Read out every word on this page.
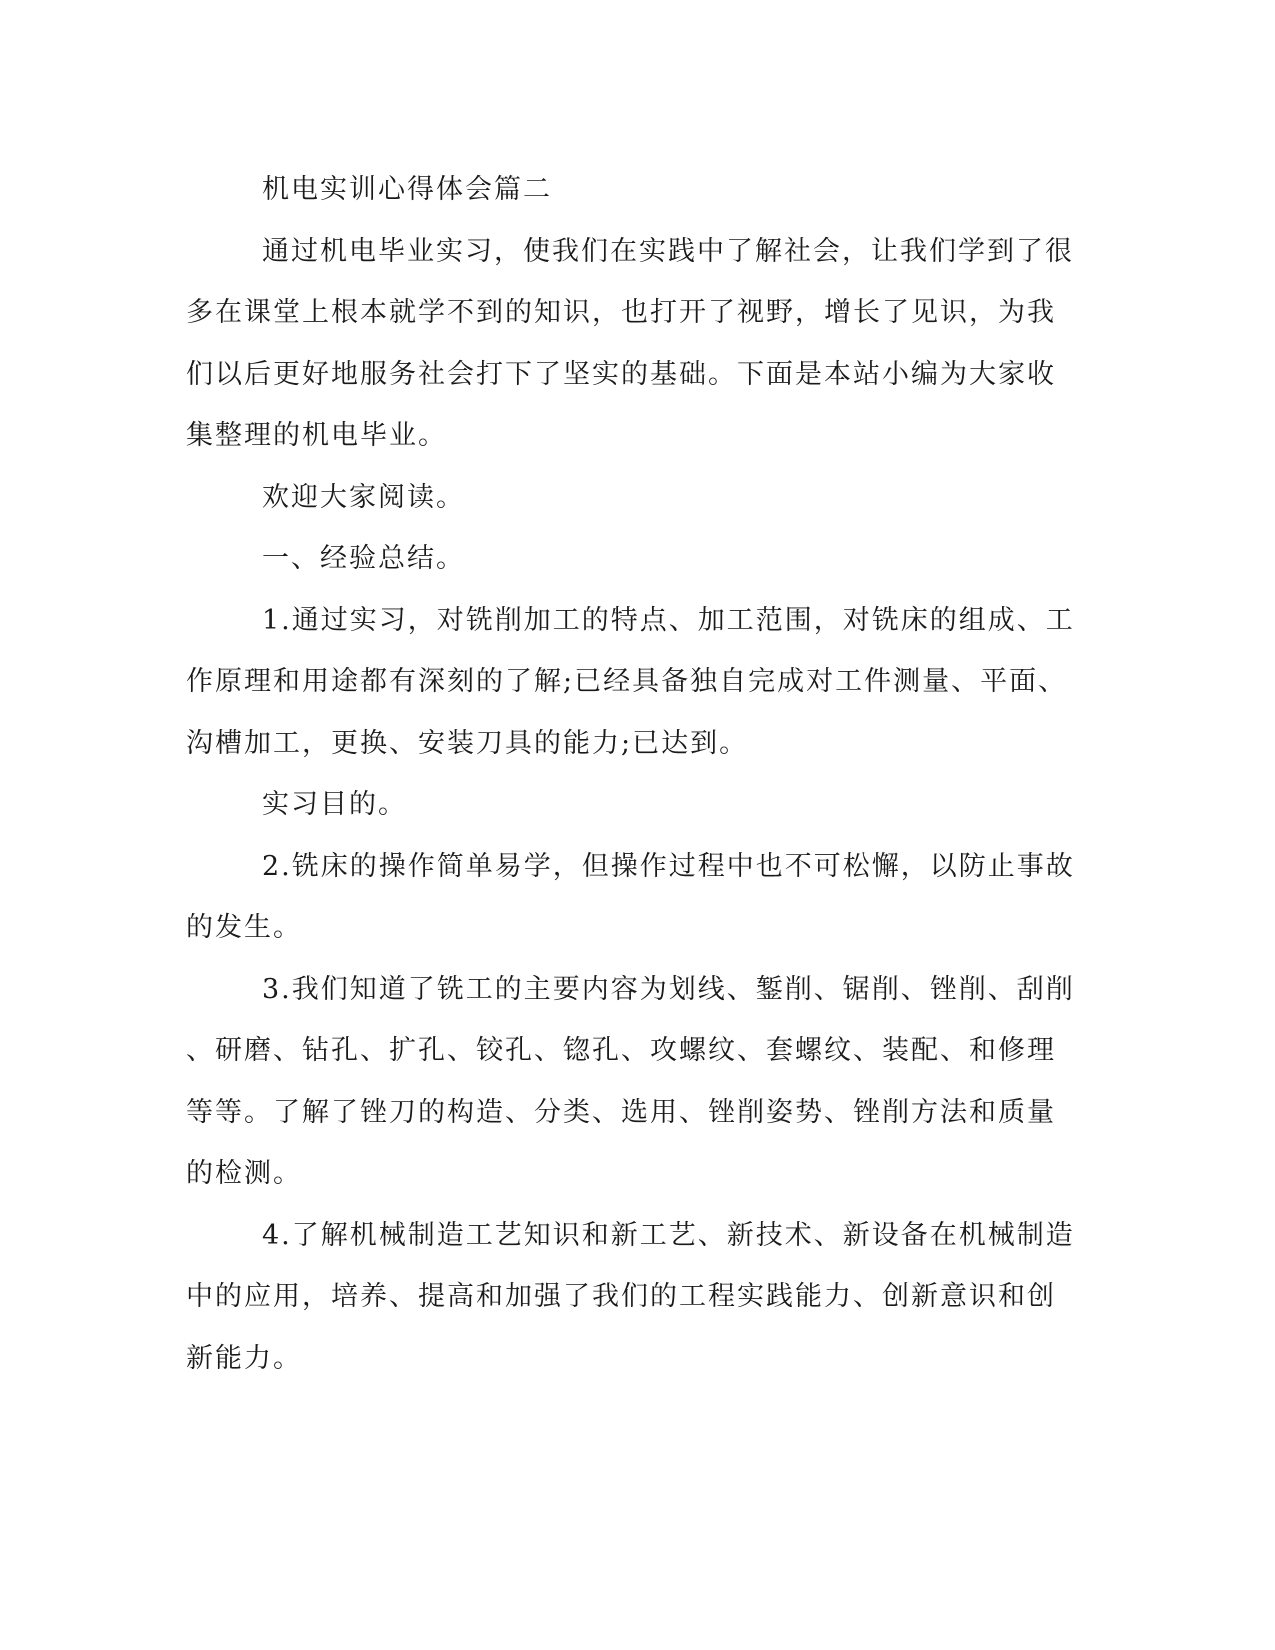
机电实训心得体会篇二
通过机电毕业实习，使我们在实践中了解社会，让我们学到了很
多在课堂上根本就学不到的知识，也打开了视野，增长了见识，为我
们以后更好地服务社会打下了坚实的基础。下面是本站小编为大家收
集整理的机电毕业。
欢迎大家阅读。
一、经验总结。
1.通过实习，对铣削加工的特点、加工范围，对铣床的组成、工
作原理和用途都有深刻的了解;已经具备独自完成对工件测量、平面、
沟槽加工，更换、安装刀具的能力;已达到。
实习目的。
2.铣床的操作简单易学，但操作过程中也不可松懈，以防止事故
的发生。
3.我们知道了铣工的主要内容为划线、錾削、锯削、锉削、刮削
、研磨、钻孔、扩孔、铰孔、锪孔、攻螺纹、套螺纹、装配、和修理
等等。了解了锉刀的构造、分类、选用、锉削姿势、锉削方法和质量
的检测。
4.了解机械制造工艺知识和新工艺、新技术、新设备在机械制造
中的应用，培养、提高和加强了我们的工程实践能力、创新意识和创
新能力。
